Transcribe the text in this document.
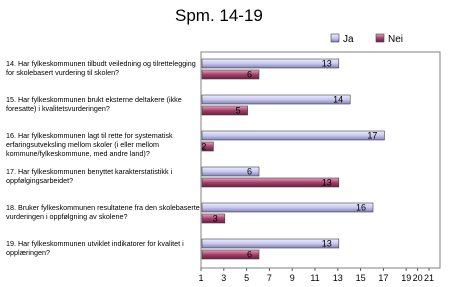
Spm. 14-19
Ja	Nei
13
6
14
5
17
2
6
13
16
3
13
6
1 3 5 7 9 11 13 15 17 19 20 21
14. Har fylkeskommunen tilbudt veiledning og tilrettelegging for skolebasert vurdering til skolen?
15. Har fylkeskommunen brukt eksterne deltakere (ikke foresatte) i kvalitetsvurderingen?
16. Har fylkeskommunen lagt til rette for systematisk erfaringsutveksling mellom skoler (i eller mellom kommune/fylkeskommune, med andre land)?
17. Har fylkeskommunen benyttet karakterstatistikk i oppfølgingsarbeidet?
18. Bruker fylkeskommunen resultatene fra den skolebaserte vurderingen i oppfølgning av skolene?
19. Har fylkeskommunen utviklet indikatorer for kvalitet i opplæringen?
